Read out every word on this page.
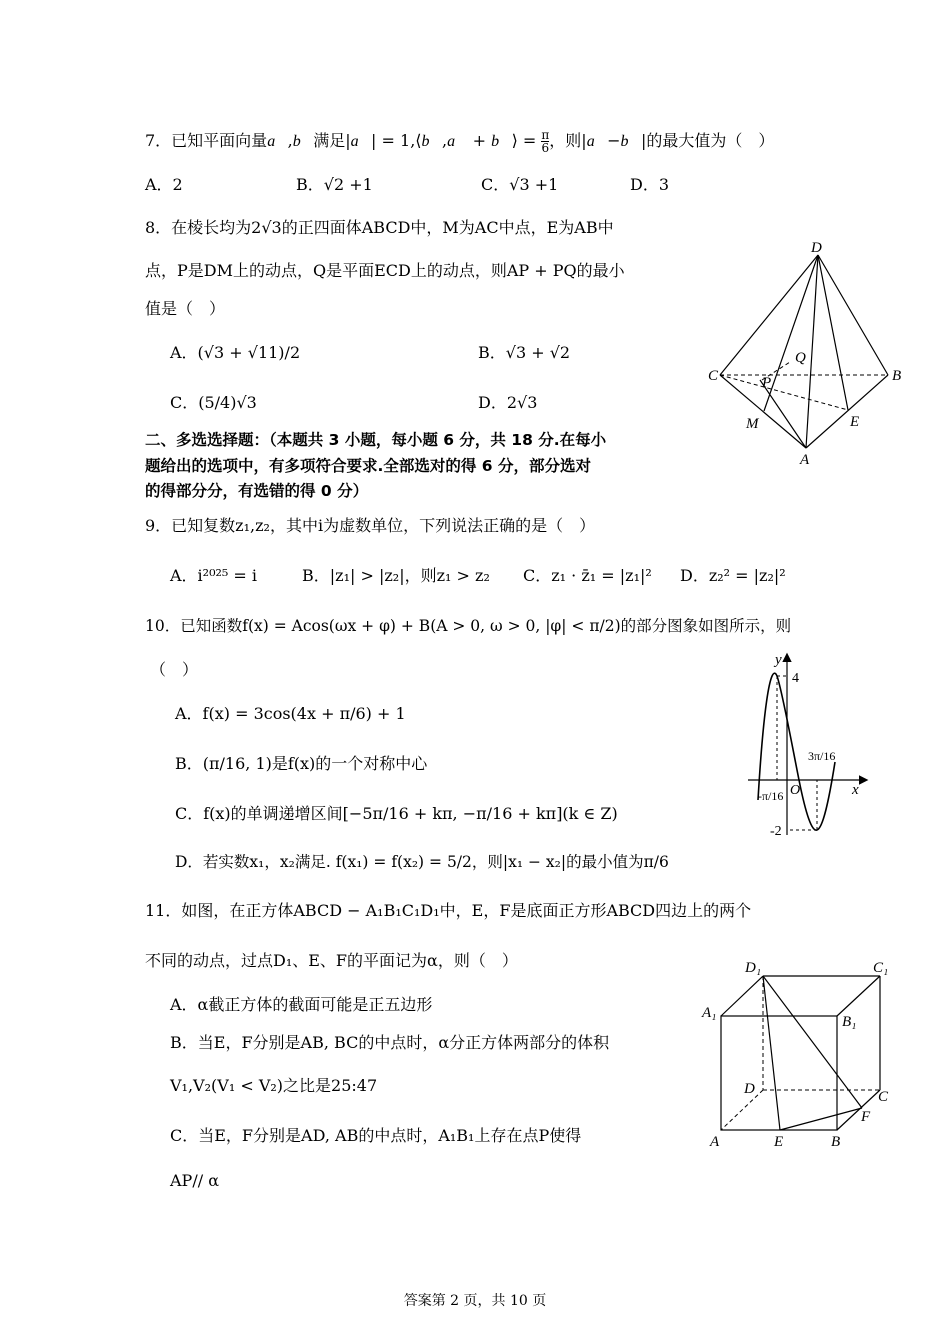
7．已知平面向量a⃗,b⃗满足|a⃗| = 1,⟨b⃗,a⃗ + b⃗⟩ = $\frac{\pi}{6}$ ，则|a⃗−b⃗|的最大值为（　）
A．2	B．√2 +1	C．√3 +1	D．3
8．在棱长均为2√3的正四面体ABCD中，M为AC中点，E为AB中
点，P是DM上的动点，Q是平面ECD上的动点，则AP + PQ的最小
值是（　）
A．(√3 + √11)/2	B．√3 + √2
C．(5/4)√3	D．2√3
D
C	B
Q
P
M	E
A
二、多选选择题：（本题共 3 小题，每小题 6 分，共 18 分.在每小
题给出的选项中，有多项符合要求.全部选对的得 6 分，部分选对
的得部分分，有选错的得 0 分）
9．已知复数z₁,z₂，其中i为虚数单位，下列说法正确的是（　）
A．i²⁰²⁵ = i	B．|z₁| > |z₂|，则z₁ > z₂ C．z₁ · z̄₁ = |z₁|² D．z₂² = |z₂|²
10．已知函数f(x) = Acos(ωx + φ) + B(A > 0, ω > 0, |φ| < π/2)的部分图象如图所示，则
（　）
A．f(x) = 3cos(4x + π/6) + 1
B．(π/16, 1)是f(x)的一个对称中心
C．f(x)的单调递增区间[−5π/16 + kπ, −π/16 + kπ](k ∈ Z)
D．若实数x₁，x₂满足. f(x₁) = f(x₂) = 5/2，则|x₁ − x₂|的最小值为π/6
y
4
O	x
-2
-π/16
3π/16
11．如图，在正方体ABCD − A₁B₁C₁D₁中，E，F是底面正方形ABCD四边上的两个
不同的动点，过点D₁、E、F的平面记为α，则（　）
A．α截正方体的截面可能是正五边形
B．当E，F分别是AB, BC的中点时，α分正方体两部分的体积
V₁,V₂(V₁ < V₂)之比是25:47
C．当E，F分别是AD, AB的中点时，A₁B₁上存在点P使得
AP// α
D₁	C₁
A₁
B₁
D	C
F
A	E	B
答案第 2 页，共 10 页
